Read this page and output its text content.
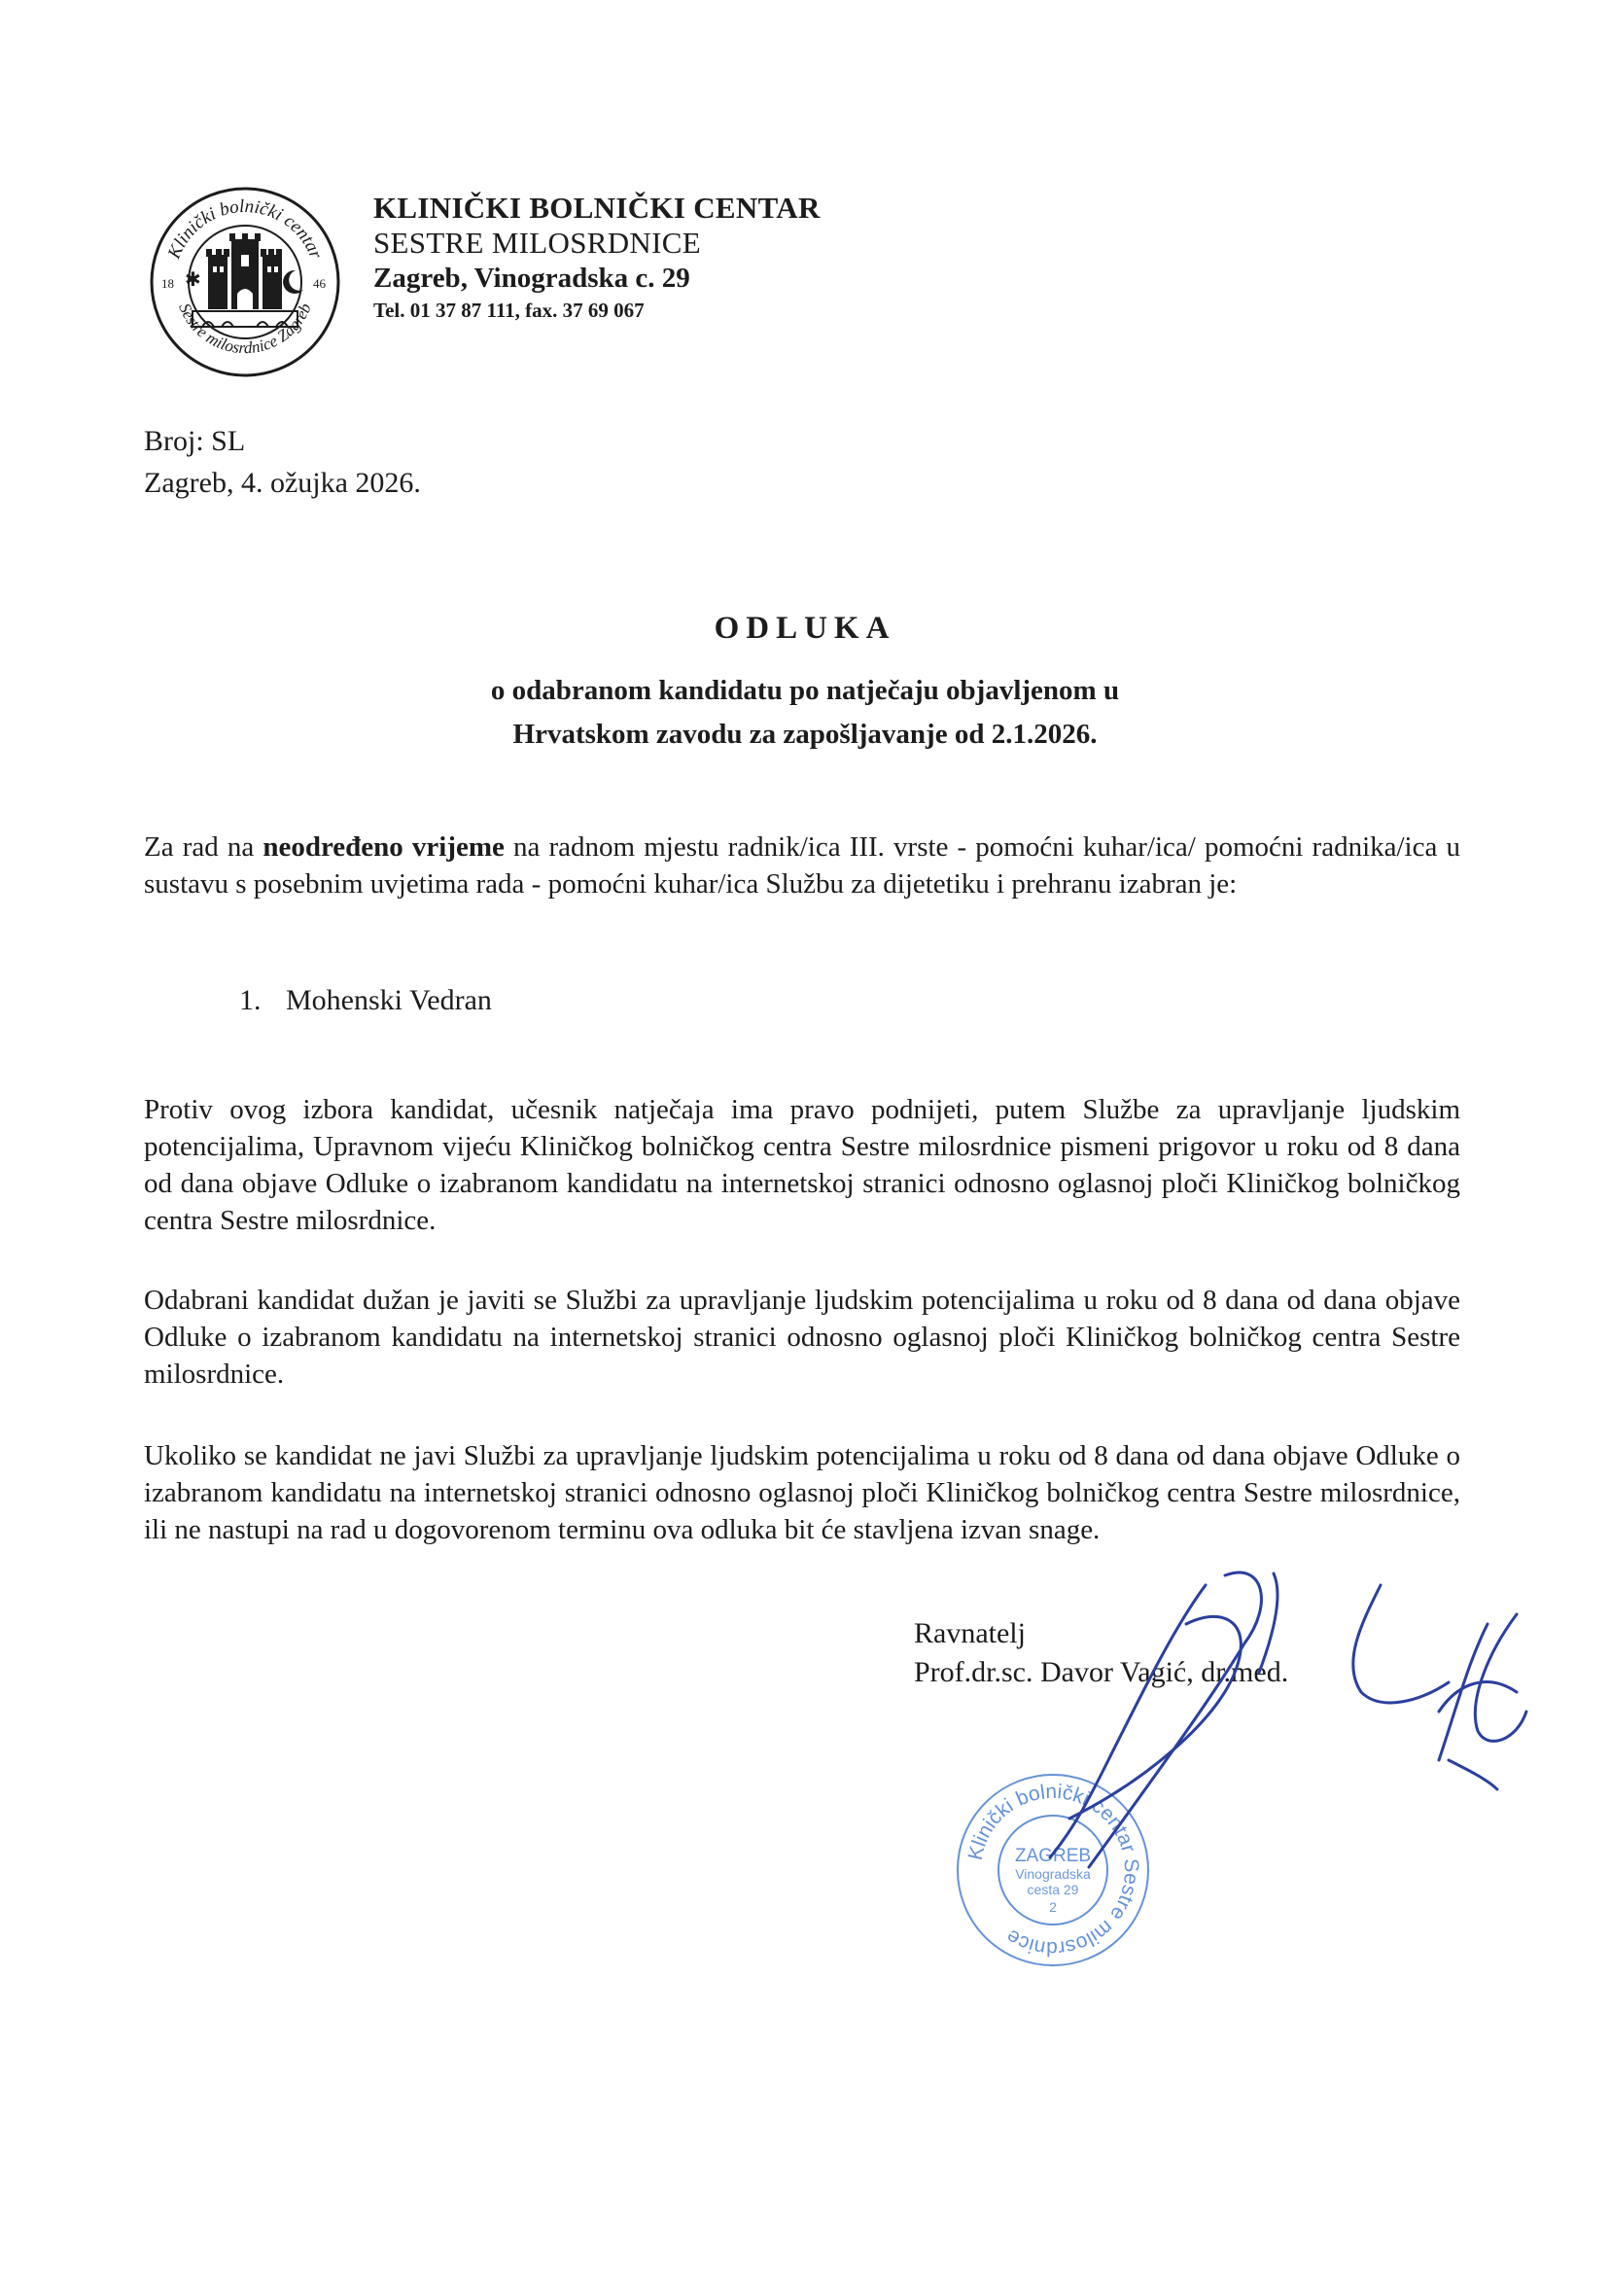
Klinički bolnički centar
Sestre milosrdnice Zagreb
18	46
✱
KLINIČKI BOLNIČKI CENTAR
SESTRE MILOSRDNICE
Zagreb, Vinogradska c. 29
Tel. 01 37 87 111, fax. 37 69 067
Broj: SL
Zagreb, 4. ožujka 2026.
ODLUKA
o odabranom kandidatu po natječaju objavljenom u
Hrvatskom zavodu za zapošljavanje od 2.1.2026.
Za rad na neodređeno vrijeme na radnom mjestu radnik/ica III. vrste - pomoćni kuhar/ica/ pomoćni radnika/ica u sustavu s posebnim uvjetima rada - pomoćni kuhar/ica Službu za dijetetiku i prehranu izabran je:
1. Mohenski Vedran
Protiv ovog izbora kandidat, učesnik natječaja ima pravo podnijeti, putem Službe za upravljanje ljudskim potencijalima, Upravnom vijeću Kliničkog bolničkog centra Sestre milosrdnice pismeni prigovor u roku od 8 dana od dana objave Odluke o izabranom kandidatu na internetskoj stranici odnosno oglasnoj ploči Kliničkog bolničkog centra Sestre milosrdnice.
Odabrani kandidat dužan je javiti se Službi za upravljanje ljudskim potencijalima u roku od 8 dana od dana objave Odluke o izabranom kandidatu na internetskoj stranici odnosno oglasnoj ploči Kliničkog bolničkog centra Sestre milosrdnice.
Ukoliko se kandidat ne javi Službi za upravljanje ljudskim potencijalima u roku od 8 dana od dana objave Odluke o izabranom kandidatu na internetskoj stranici odnosno oglasnoj ploči Kliničkog bolničkog centra Sestre milosrdnice, ili ne nastupi na rad u dogovorenom terminu ova odluka bit će stavljena izvan snage.
Ravnatelj
Prof.dr.sc. Davor Vagić, dr.med.
Klinički bolnički centar Sestre milosrdnice
ZAGREB
Vinogradska
cesta 29
2
